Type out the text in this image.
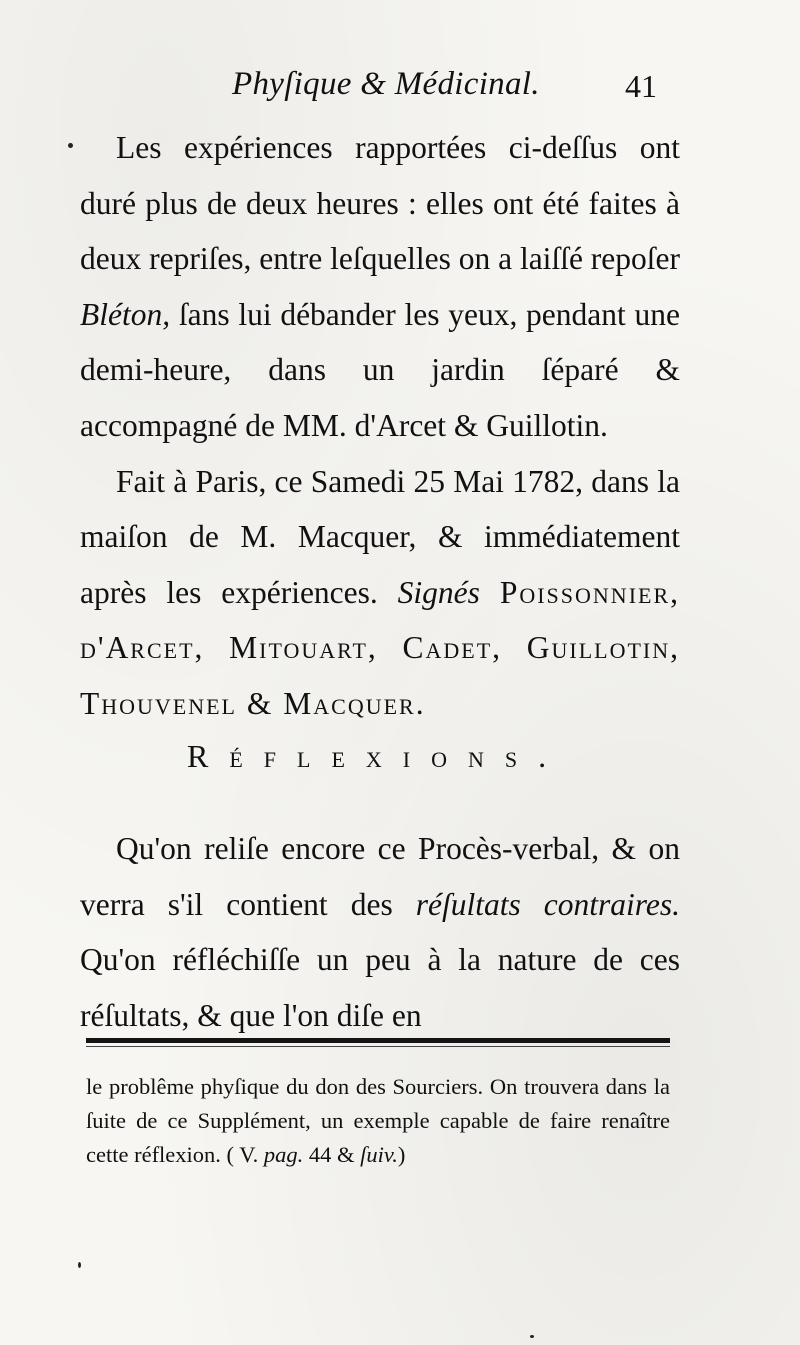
Phyſique & Médicinal.	41

Les expériences rapportées ci-deſſus ont duré plus de deux heures : elles ont été faites à deux repriſes, entre leſquelles on a laiſſé repoſer Bléton, ſans lui débander les yeux, pendant une demi-heure, dans un jardin ſéparé & accompagné de MM. d'Arcet & Guillotin.

Fait à Paris, ce Samedi 25 Mai 1782, dans la maiſon de M. Macquer, & immédiatement après les expériences. Signés Poissonnier, d'Arcet, Mitouart, Cadet, Guillotin, Thouvenel & Macquer.

Réflexions.

Qu'on reliſe encore ce Procès-verbal, & on verra s'il contient des réſultats contraires. Qu'on réfléchiſſe un peu à la nature de ces réſultats, & que l'on diſe en

le problême phyſique du don des Sourciers. On trouvera dans la ſuite de ce Supplément, un exemple capable de faire renaître cette réflexion. ( V. pag. 44 & ſuiv.)
